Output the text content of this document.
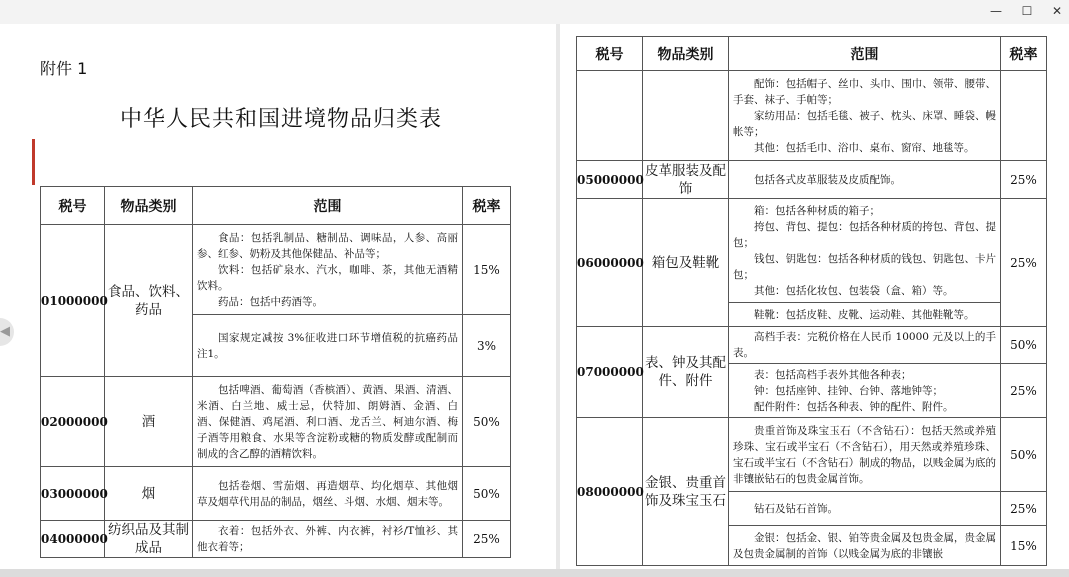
—	☐	✕
附件 1
中华人民共和国进境物品归类表
◀
税号	物品类别	范围	税率
01000000	食品、饮料、药品	食品：包括乳制品、糖制品、调味品，人参、高丽参、红参、奶粉及其他保健品、补品等；
饮料：包括矿泉水、汽水，咖啡、茶，其他无酒精饮料。
药品：包括中药酒等。	15%

		国家规定减按 3%征收进口环节增值税的抗癌药品注1。	3%
02000000	酒	包括啤酒、葡萄酒（香槟酒）、黄酒、果酒、清酒、米酒、白兰地、威士忌，伏特加、朗姆酒、金酒、白酒、保健酒、鸡尾酒、利口酒、龙舌兰、柯迪尔酒、梅子酒等用粮食、水果等含淀粉或糖的物质发酵或配制而制成的含乙醇的酒精饮料。	50%
03000000	烟	包括卷烟、雪茄烟、再造烟草、均化烟草、其他烟草及烟草代用品的制品，烟丝、斗烟、水烟、烟末等。	50%
04000000	纺织品及其制成品	衣着：包括外衣、外裤、内衣裤，衬衫/T恤衫、其他衣着等；	25%
税号	物品类别	范围	税率

		配饰：包括帽子、丝巾、头巾、围巾、领带、腰带、手套、袜子、手帕等；
家纺用品：包括毛毯、被子、枕头、床罩、睡袋、幔帐等；
其他：包括毛巾、浴巾、桌布、窗帘、地毯等。	

05000000	皮革服装及配饰	包括各式皮革服装及皮质配饰。	25%
06000000	箱包及鞋靴	箱：包括各种材质的箱子；
挎包、背包、提包：包括各种材质的挎包、背包、提包；
钱包、钥匙包：包括各种材质的钱包、钥匙包、卡片包；
其他：包括化妆包、包装袋（盒、箱）等。	25%

		鞋靴：包括皮鞋、皮靴、运动鞋、其他鞋靴等。	

07000000	表、钟及其配件、附件	高档手表：完税价格在人民币 10000 元及以上的手表。	50%

		表：包括高档手表外其他各种表；
钟：包括座钟、挂钟、台钟、落地钟等；
配件附件：包括各种表、钟的配件、附件。	25%
08000000	金银、贵重首饰及珠宝玉石	贵重首饰及珠宝玉石（不含钻石）：包括天然或养殖珍珠、宝石或半宝石（不含钻石），用天然或养殖珍珠、宝石或半宝石（不含钻石）制成的物品，以贱金属为底的非镶嵌钻石的包贵金属首饰。	50%

		钻石及钻石首饰。	25%

		金银：包括金、银、铂等贵金属及包贵金属，贵金属及包贵金属制的首饰（以贱金属为底的非镶嵌	15%
